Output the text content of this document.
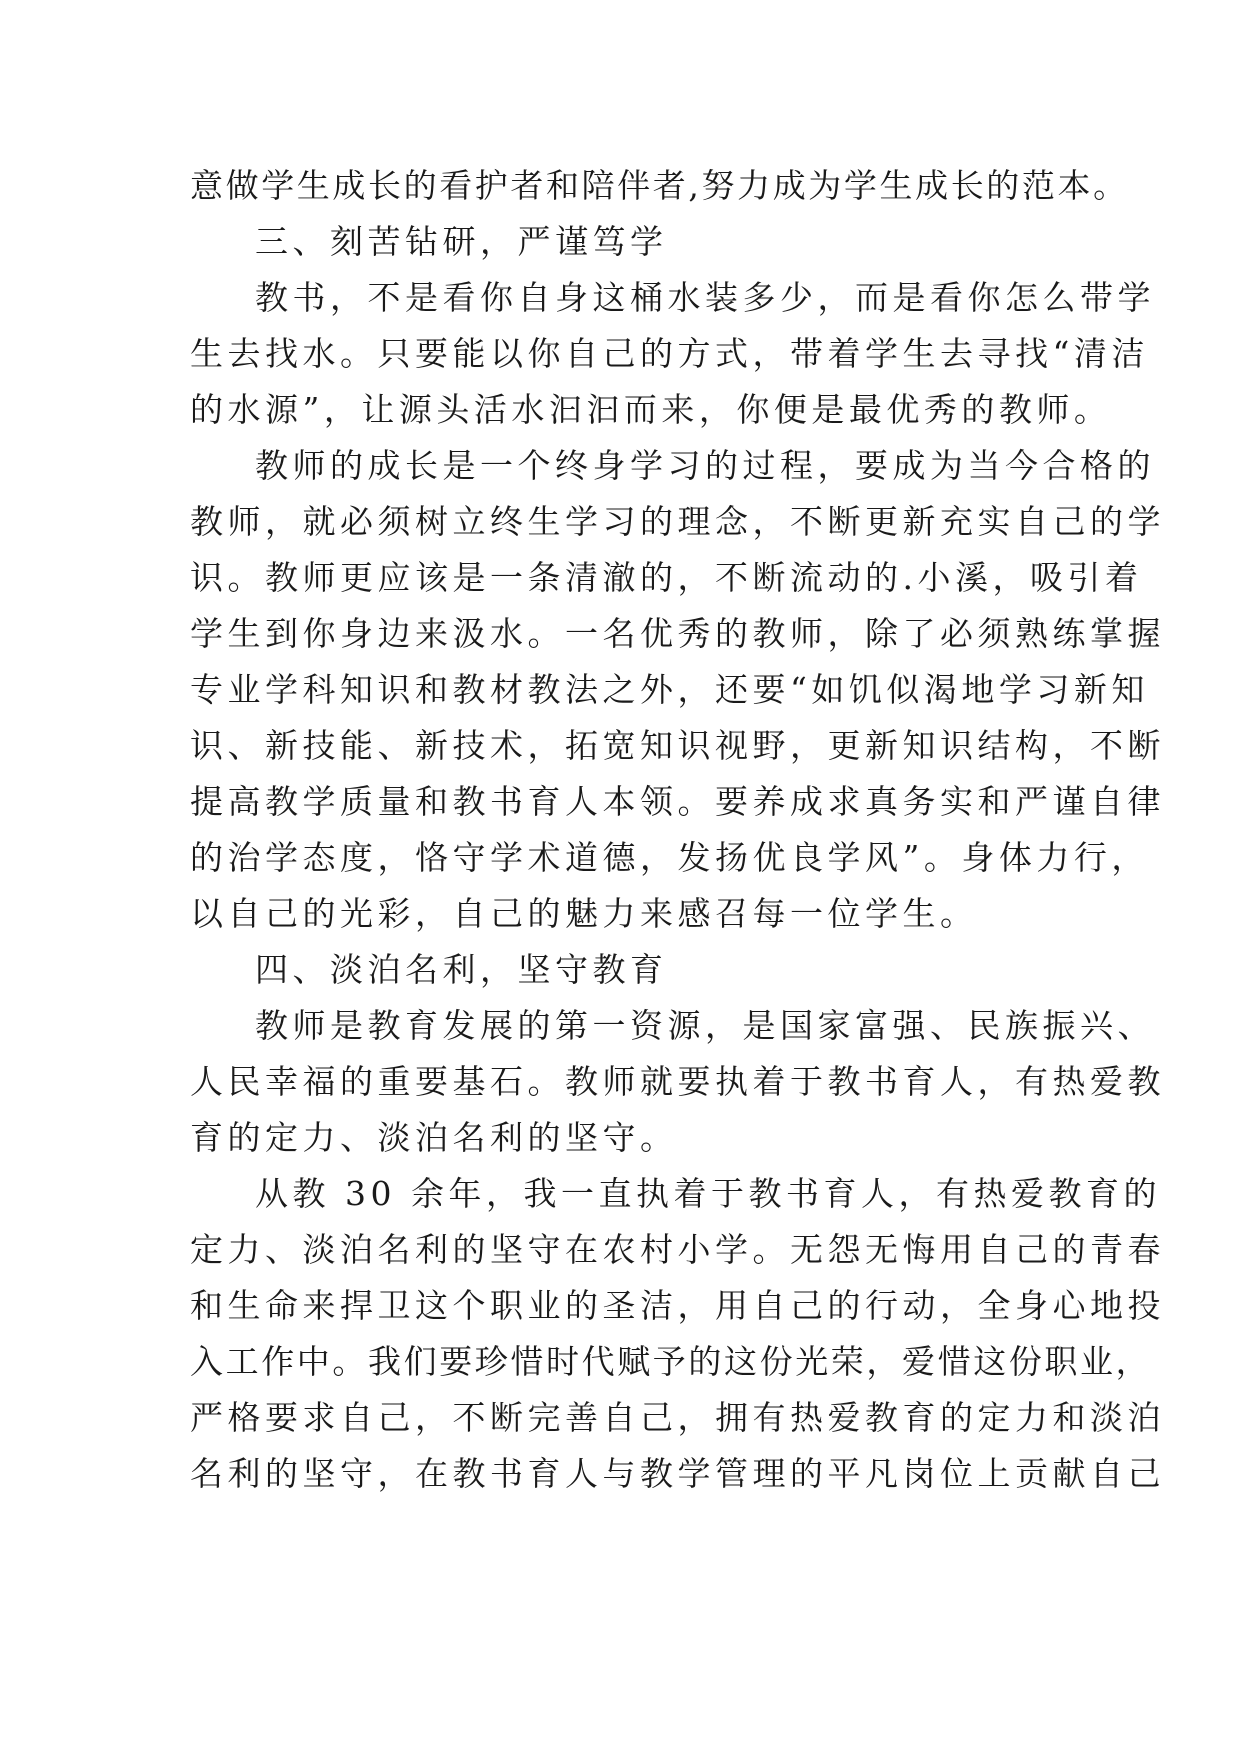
意做学生成长的看护者和陪伴者,努力成为学生成长的范本。
三、刻苦钻研，严谨笃学
教书，不是看你自身这桶水装多少，而是看你怎么带学
生去找水。只要能以你自己的方式，带着学生去寻找“清洁
的水源”，让源头活水汩汩而来，你便是最优秀的教师。
教师的成长是一个终身学习的过程，要成为当今合格的
教师，就必须树立终生学习的理念，不断更新充实自己的学
识。教师更应该是一条清澈的，不断流动的.小溪，吸引着
学生到你身边来汲水。一名优秀的教师，除了必须熟练掌握
专业学科知识和教材教法之外，还要“如饥似渴地学习新知
识、新技能、新技术，拓宽知识视野，更新知识结构，不断
提高教学质量和教书育人本领。要养成求真务实和严谨自律
的治学态度，恪守学术道德，发扬优良学风”。身体力行，
以自己的光彩，自己的魅力来感召每一位学生。
四、淡泊名利，坚守教育
教师是教育发展的第一资源，是国家富强、民族振兴、
人民幸福的重要基石。教师就要执着于教书育人，有热爱教
育的定力、淡泊名利的坚守。
从教 30 余年，我一直执着于教书育人，有热爱教育的
定力、淡泊名利的坚守在农村小学。无怨无悔用自己的青春
和生命来捍卫这个职业的圣洁，用自己的行动，全身心地投
入工作中。我们要珍惜时代赋予的这份光荣，爱惜这份职业，
严格要求自己，不断完善自己，拥有热爱教育的定力和淡泊
名利的坚守，在教书育人与教学管理的平凡岗位上贡献自己
